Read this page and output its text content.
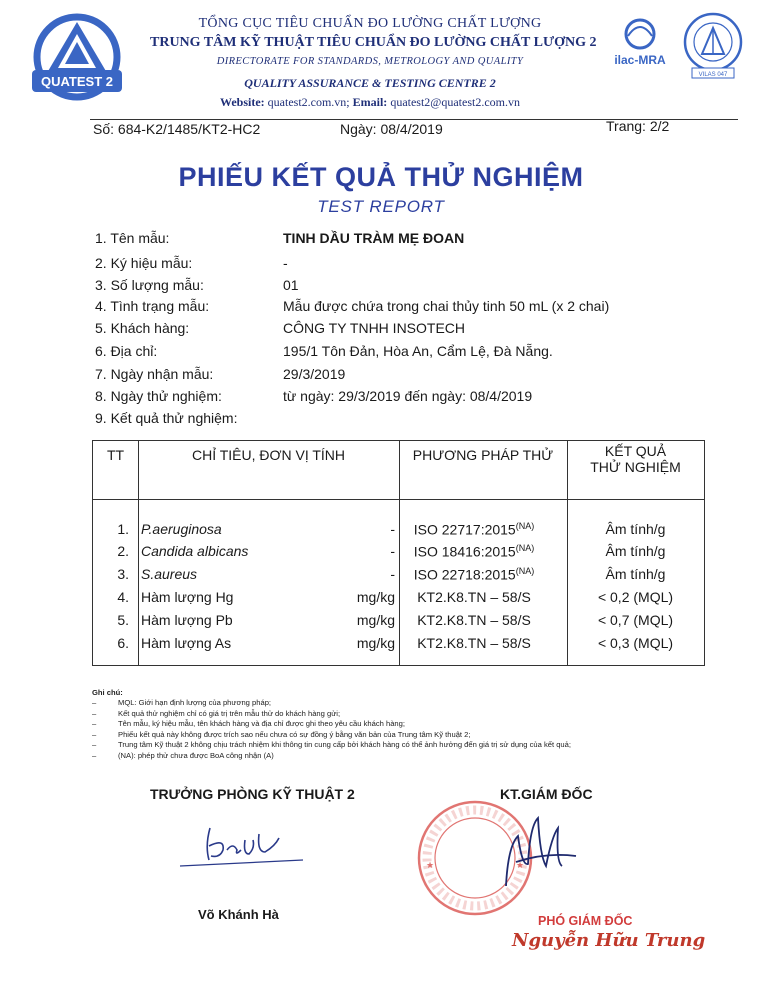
QUATEST 2
ilac-MRA
VILAS 047
TỔNG CỤC TIÊU CHUẨN ĐO LƯỜNG CHẤT LƯỢNG
TRUNG TÂM KỸ THUẬT TIÊU CHUẨN ĐO LƯỜNG CHẤT LƯỢNG 2
DIRECTORATE FOR STANDARDS, METROLOGY AND QUALITY
QUALITY ASSURANCE & TESTING CENTRE 2
Website: quatest2.com.vn; Email: quatest2@quatest2.com.vn
Số: 684-K2/1485/KT2-HC2	Ngày: 08/4/2019	Trang: 2/2
PHIẾU KẾT QUẢ THỬ NGHIỆM
TEST REPORT
1. Tên mẫu:	TINH DẦU TRÀM MẸ ĐOAN
2. Ký hiệu mẫu:	-
3. Số lượng mẫu:	01
4. Tình trạng mẫu:	Mẫu được chứa trong chai thủy tinh 50 mL (x 2 chai)
5. Khách hàng:	CÔNG TY TNHH INSOTECH
6. Địa chỉ:	195/1 Tôn Đản, Hòa An, Cẩm Lệ, Đà Nẵng.
7. Ngày nhận mẫu:	29/3/2019
8. Ngày thử nghiệm:	từ ngày: 29/3/2019 đến ngày: 08/4/2019
9. Kết quả thử nghiệm:
TT	CHỈ TIÊU, ĐƠN VỊ TÍNH	PHƯƠNG PHÁP THỬ	KẾT QUẢ
THỬ NGHIỆM
1. P.aeruginosa	-	ISO $22717:2015^{(NA)}$	Âm tính/g
2. Candida albicans	-	ISO $18416:2015^{(NA)}$	Âm tính/g
3. S.aureus	-	ISO $22718:2015^{(NA)}$	Âm tính/g
4. Hàm lượng Hg	mg/kg	KT2.K8.TN – 58/S	< 0,2 (MQL)
5. Hàm lượng Pb	mg/kg	KT2.K8.TN – 58/S	< 0,7 (MQL)
6. Hàm lượng As	mg/kg	KT2.K8.TN – 58/S	< 0,3 (MQL)
Ghi chú:
– MQL: Giới hạn định lượng của phương pháp;
– Kết quả thử nghiệm chỉ có giá trị trên mẫu thử do khách hàng gửi;
– Tên mẫu, ký hiệu mẫu, tên khách hàng và địa chỉ được ghi theo yêu cầu khách hàng;
– Phiếu kết quả này không được trích sao nếu chưa có sự đồng ý bằng văn bản của Trung tâm Kỹ thuật 2;
– Trung tâm Kỹ thuật 2 không chịu trách nhiệm khi thông tin cung cấp bởi khách hàng có thể ảnh hưởng đến giá trị sử dụng của kết quả;
– (NA): phép thử chưa được BoA công nhận (A)
TRƯỞNG PHÒNG KỸ THUẬT 2	KT.GIÁM ĐỐC
Võ Khánh Hà
★	★
PHÓ GIÁM ĐỐC
Nguyễn Hữu Trung
